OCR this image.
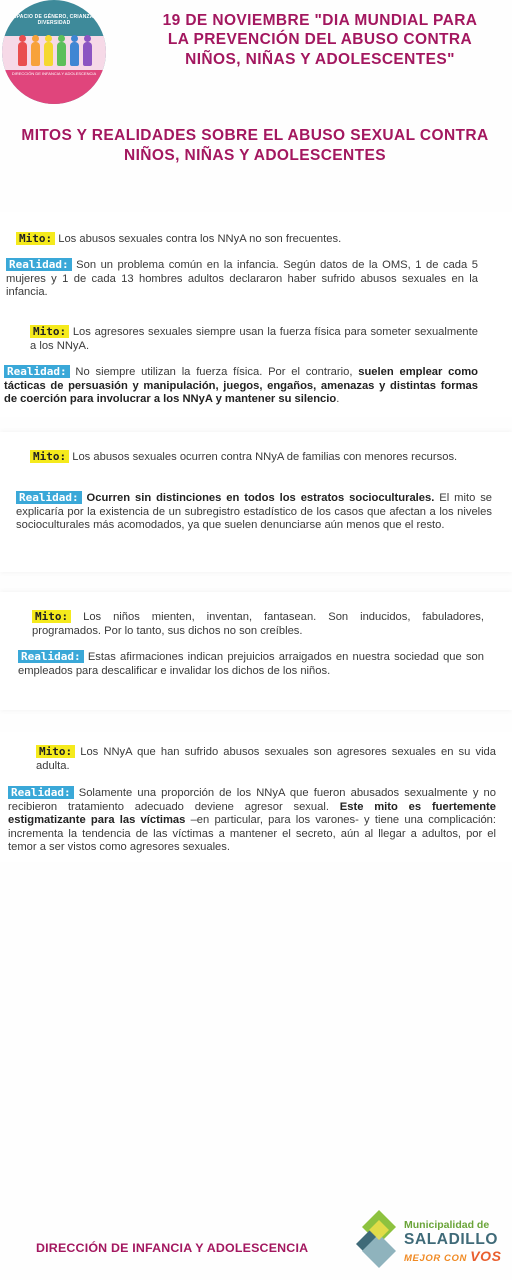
ESPACIO DE GÉNERO, CRIANZA Y DIVERSIDAD
DIRECCIÓN DE INFANCIA Y ADOLESCENCIA
19 DE NOVIEMBRE "DIA MUNDIAL PARA LA PREVENCIÓN DEL ABUSO CONTRA NIÑOS, NIÑAS Y ADOLESCENTES"
MITOS Y REALIDADES SOBRE EL ABUSO SEXUAL CONTRA NIÑOS, NIÑAS Y ADOLESCENTES
Mito: Los abusos sexuales contra los NNyA no son frecuentes.
Realidad: Son un problema común en la infancia. Según datos de la OMS, 1 de cada 5 mujeres y 1 de cada 13 hombres adultos declararon haber sufrido abusos sexuales en la infancia.
Mito: Los agresores sexuales siempre usan la fuerza física para someter sexualmente a los NNyA.
Realidad: No siempre utilizan la fuerza física. Por el contrario, suelen emplear como tácticas de persuasión y manipulación, juegos, engaños, amenazas y distintas formas de coerción para involucrar a los NNyA y mantener su silencio.
Mito: Los abusos sexuales ocurren contra NNyA de familias con menores recursos.
Realidad: Ocurren sin distinciones en todos los estratos socioculturales. El mito se explicaría por la existencia de un subregistro estadístico de los casos que afectan a los niveles socioculturales más acomodados, ya que suelen denunciarse aún menos que el resto.
Mito: Los niños mienten, inventan, fantasean. Son inducidos, fabuladores, programados. Por lo tanto, sus dichos no son creíbles.
Realidad: Estas afirmaciones indican prejuicios arraigados en nuestra sociedad que son empleados para descalificar e invalidar los dichos de los niños.
Mito: Los NNyA que han sufrido abusos sexuales son agresores sexuales en su vida adulta.
Realidad: Solamente una proporción de los NNyA que fueron abusados sexualmente y no recibieron tratamiento adecuado deviene agresor sexual. Este mito es fuertemente estigmatizante para las víctimas –en particular, para los varones- y tiene una complicación: incrementa la tendencia de las víctimas a mantener el secreto, aún al llegar a adultos, por el temor a ser vistos como agresores sexuales.
DIRECCIÓN DE INFANCIA Y ADOLESCENCIA
Municipalidad de
SALADILLO
MEJOR CON VOS
